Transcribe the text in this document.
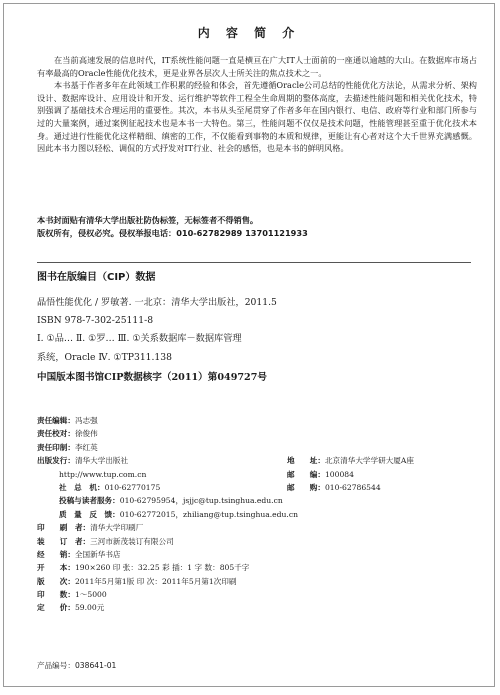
内 容 简 介

在当前高速发展的信息时代，IT系统性能问题一直是横亘在广大IT人士面前的一座通以逾越的大山。在数据库市场占有率最高的Oracle性能优化技术，更是业界各层次人士所关注的焦点技术之一。

本书基于作者多年在此领域工作积累的经验和体会，首先遵循Oracle公司总结的性能优化方法论，从需求分析、架构设计、数据库设计、应用设计和开发、运行维护等软件工程全生命周期的整体高度，去描述性能问题和相关优化技术，特别强调了基础技术合理运用的重要性。其次，本书从头至尾贯穿了作者多年在国内银行、电信、政府等行业和部门所参与过的大量案例，通过案例征起技术也是本书一大特色。第三，性能问题不仅仅是技术问题，性能管理甚至重于优化技术本身。通过进行性能优化这样精细、缜密的工作，不仅能看到事物的本质和规律，更能让有心者对这个大千世界充满感慨。因此本书力图以轻松、调侃的方式抒发对IT行业、社会的感悟，也是本书的鲜明风格。

本书封面贴有清华大学出版社防伪标签，无标签者不得销售。
版权所有，侵权必究。侵权举报电话：010-62782989 13701121933
图书在版编目（CIP）数据
晶悟性能优化 / 罗敏著. 一北京：清华大学出版社，2011.5
ISBN 978-7-302-25111-8
Ⅰ. ①品… Ⅱ. ①罗… Ⅲ. ①关系数据库－数据库管理
系统，Oracle Ⅳ. ①TP311.138
中国版本图书馆CIP数据核字（2011）第049727号
责任编辑：冯志强
责任校对：徐俊伟
责任印制：李红英
出版发行：清华大学出版社	地　　址：北京清华大学学研大厦A座
http://www.tup.com.cn	邮　　编：100084
社　总　机：010-62770175	邮　　购：010-62786544
投稿与读者服务：010-62795954，jsjjc@tup.tsinghua.edu.cn
质　量　反　馈：010-62772015，zhiliang@tup.tsinghua.edu.cn
印　　刷　者：清华大学印刷厂
装　　订　者：三河市新茂装订有限公司
经　　销：全国新华书店
开　　本：190×260 印 张：32.25 彩 插：1 字 数：805千字
版　　次：2011年5月第1版 印 次：2011年5月第1次印刷
印　　数：1～5000
定　　价：59.00元
产品编号：038641-01
